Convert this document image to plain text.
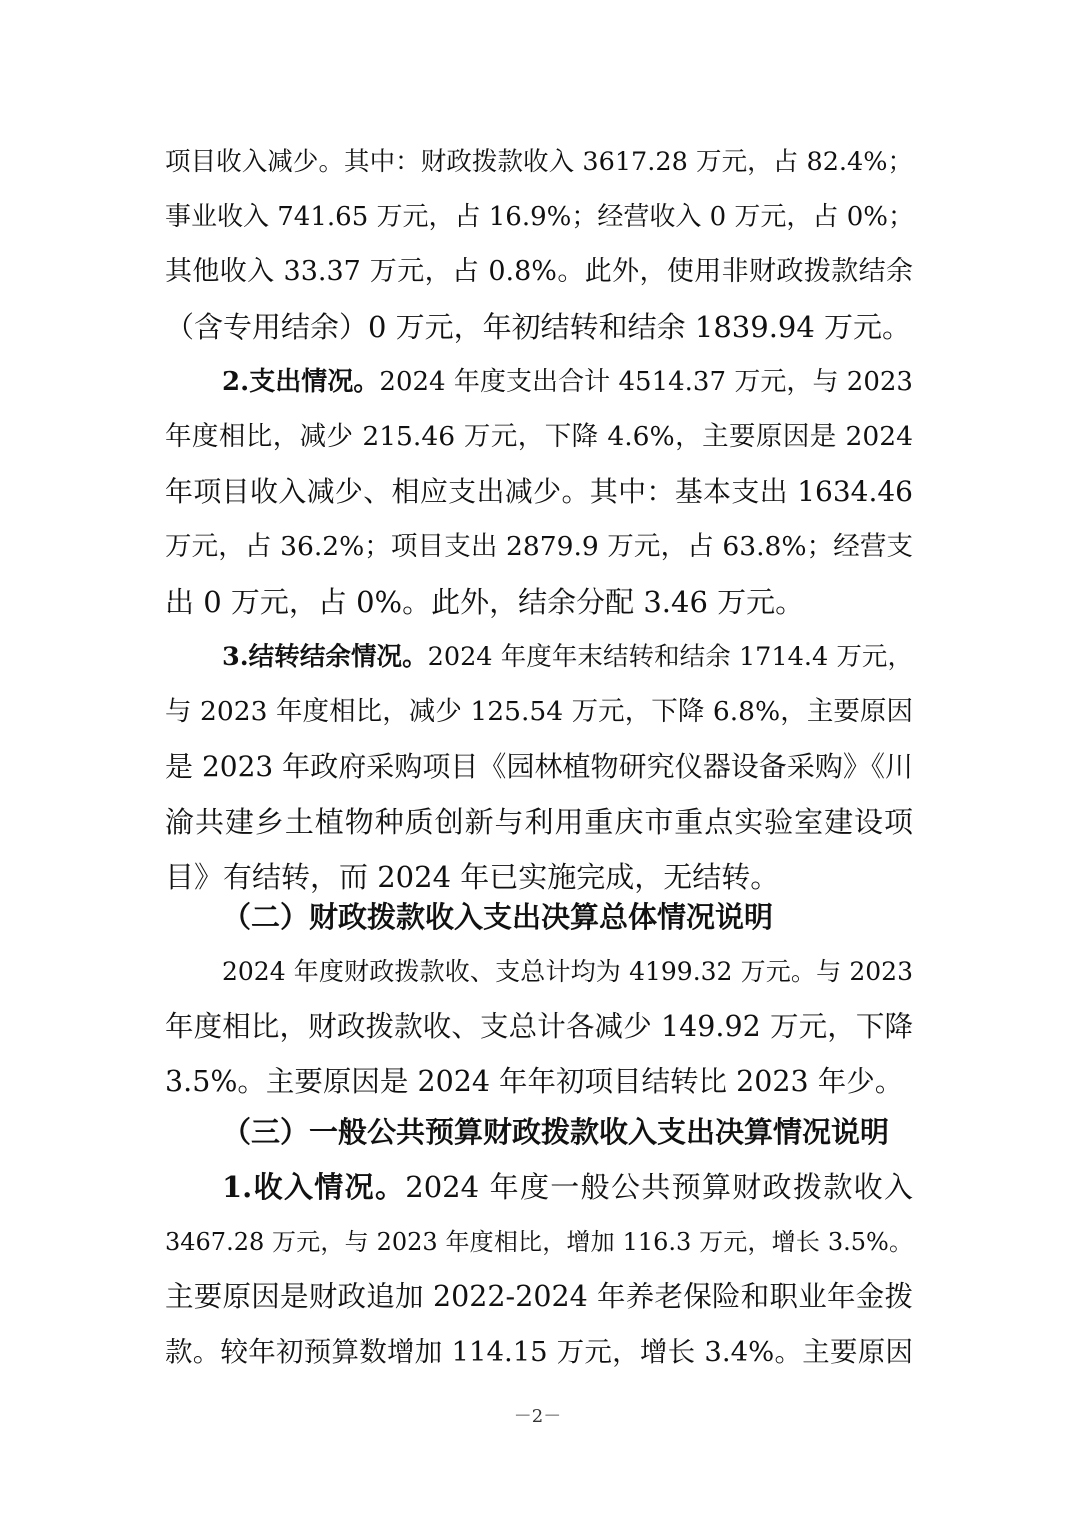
项目收入减少。其中：财政拨款收入 3617.28 万元，占 82.4%；
事业收入 741.65 万元，占 16.9%；经营收入 0 万元，占 0%；
其他收入 33.37 万元，占 0.8%。此外，使用非财政拨款结余
（含专用结余）0 万元，年初结转和结余 1839.94 万元。
2.支出情况。2024 年度支出合计 4514.37 万元，与 2023
年度相比，减少 215.46 万元，下降 4.6%，主要原因是 2024
年项目收入减少、相应支出减少。其中：基本支出 1634.46
万元，占 36.2%；项目支出 2879.9 万元，占 63.8%；经营支
出 0 万元，占 0%。此外，结余分配 3.46 万元。
3.结转结余情况。2024 年度年末结转和结余 1714.4 万元，
与 2023 年度相比，减少 125.54 万元，下降 6.8%，主要原因
是 2023 年政府采购项目《园林植物研究仪器设备采购》《川
渝共建乡土植物种质创新与利用重庆市重点实验室建设项
目》有结转，而 2024 年已实施完成，无结转。
（二）财政拨款收入支出决算总体情况说明
2024 年度财政拨款收、支总计均为 4199.32 万元。与 2023
年度相比，财政拨款收、支总计各减少 149.92 万元，下降
3.5%。主要原因是 2024 年年初项目结转比 2023 年少。
（三）一般公共预算财政拨款收入支出决算情况说明
1.收入情况。2024 年度一般公共预算财政拨款收入
3467.28 万元，与 2023 年度相比，增加 116.3 万元，增长 3.5%。
主要原因是财政追加 2022-2024 年养老保险和职业年金拨
款。较年初预算数增加 114.15 万元，增长 3.4%。主要原因
－2－
